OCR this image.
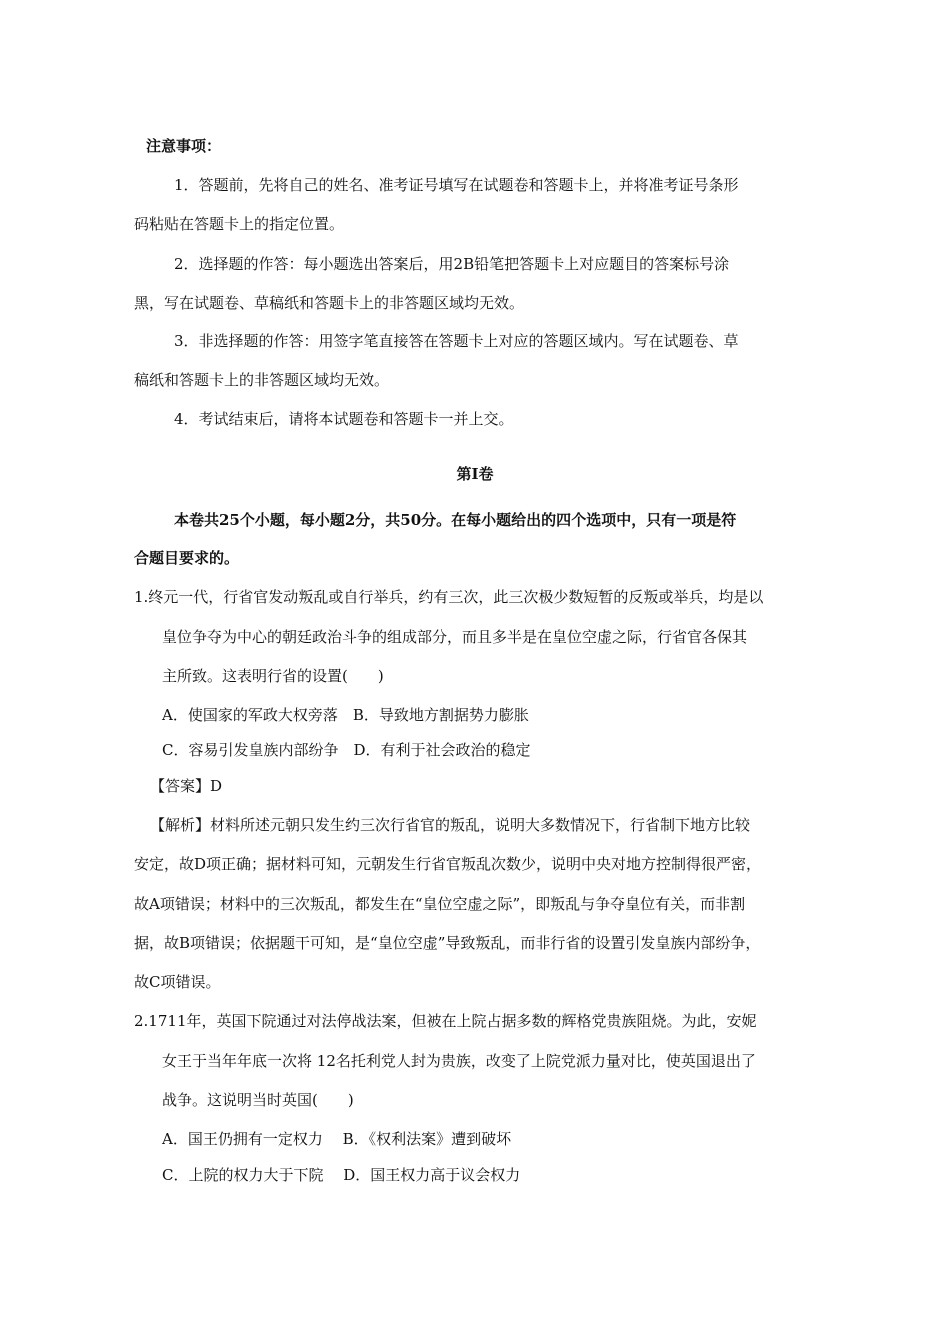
注意事项：
1．答题前，先将自己的姓名、准考证号填写在试题卷和答题卡上，并将准考证号条形
码粘贴在答题卡上的指定位置。
2．选择题的作答：每小题选出答案后，用2B铅笔把答题卡上对应题目的答案标号涂
黑，写在试题卷、草稿纸和答题卡上的非答题区域均无效。
3．非选择题的作答：用签字笔直接答在答题卡上对应的答题区域内。写在试题卷、草
稿纸和答题卡上的非答题区域均无效。
4．考试结束后，请将本试题卷和答题卡一并上交。
第Ⅰ卷
本卷共25个小题，每小题2分，共50分。在每小题给出的四个选项中，只有一项是符
合题目要求的。
1.终元一代，行省官发动叛乱或自行举兵，约有三次，此三次极少数短暂的反叛或举兵，均是以
皇位争夺为中心的朝廷政治斗争的组成部分，而且多半是在皇位空虚之际，行省官各保其
主所致。这表明行省的设置(　　)
A．使国家的军政大权旁落　B．导致地方割据势力膨胀
C．容易引发皇族内部纷争　D．有利于社会政治的稳定
【答案】D
【解析】材料所述元朝只发生约三次行省官的叛乱，说明大多数情况下，行省制下地方比较
安定，故D项正确；据材料可知，元朝发生行省官叛乱次数少，说明中央对地方控制得很严密，
故A项错误；材料中的三次叛乱，都发生在“皇位空虚之际”，即叛乱与争夺皇位有关，而非割
据，故B项错误；依据题干可知，是“皇位空虚”导致叛乱，而非行省的设置引发皇族内部纷争，
故C项错误。
2.1711年，英国下院通过对法停战法案，但被在上院占据多数的辉格党贵族阻烧。为此，安妮
女王于当年年底一次将 12名托利党人封为贵族，改变了上院党派力量对比，使英国退出了
战争。这说明当时英国(　　)
A．国王仍拥有一定权力　 B．《权利法案》遭到破坏
C．上院的权力大于下院　 D．国王权力高于议会权力
